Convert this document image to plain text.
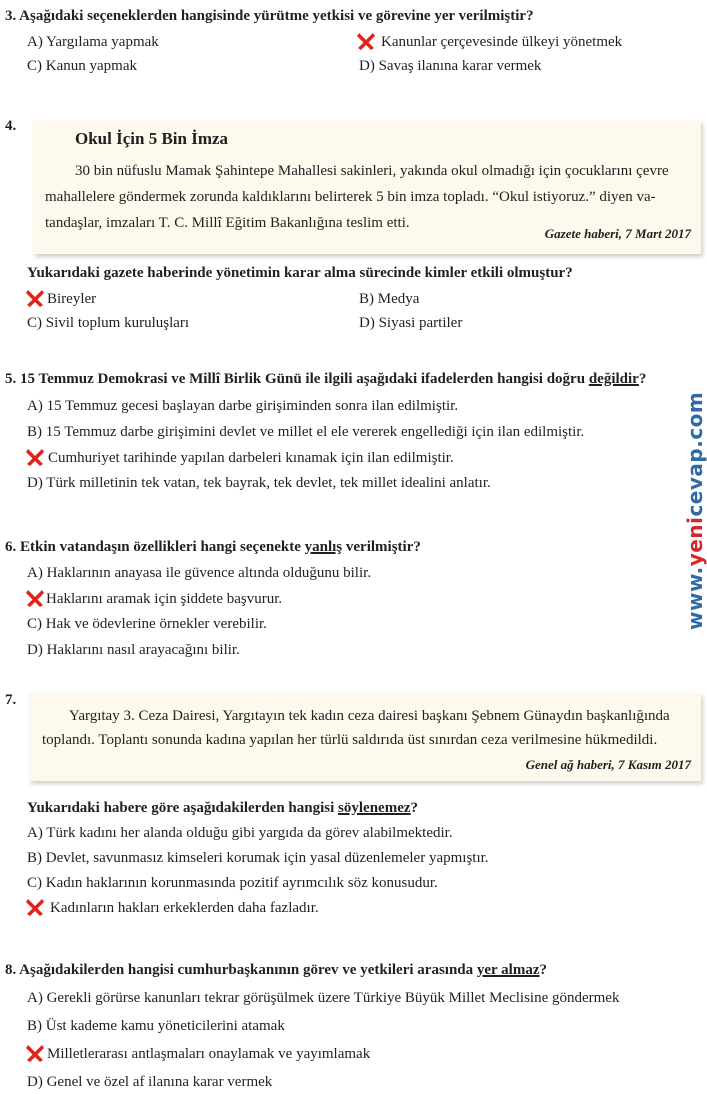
3. Aşağıdaki seçeneklerden hangisinde yürütme yetkisi ve görevine yer verilmiştir?
A) Yargılama yapmak	Kanunlar çerçevesinde ülkeyi yönetmek
C) Kanun yapmak	D) Savaş ilanına karar vermek
4.
Okul İçin 5 Bin İmza
30 bin nüfuslu Mamak Şahintepe Mahallesi sakinleri, yakında okul olmadığı için çocuklarını çevre
mahallelere göndermek zorunda kaldıklarını belirterek 5 bin imza topladı. “Okul istiyoruz.” diyen va-
tandaşlar, imzaları T. C. Millî Eğitim Bakanlığına teslim etti.
Gazete haberi, 7 Mart 2017
Yukarıdaki gazete haberinde yönetimin karar alma sürecinde kimler etkili olmuştur?
Bireyler	B) Medya
C) Sivil toplum kuruluşları	D) Siyasi partiler
5. 15 Temmuz Demokrasi ve Millî Birlik Günü ile ilgili aşağıdaki ifadelerden hangisi doğru değildir?
A) 15 Temmuz gecesi başlayan darbe girişiminden sonra ilan edilmiştir.
B) 15 Temmuz darbe girişimini devlet ve millet el ele vererek engellediği için ilan edilmiştir.
Cumhuriyet tarihinde yapılan darbeleri kınamak için ilan edilmiştir.
D) Türk milletinin tek vatan, tek bayrak, tek devlet, tek millet idealini anlatır.
6. Etkin vatandaşın özellikleri hangi seçenekte yanlış verilmiştir?
A) Haklarının anayasa ile güvence altında olduğunu bilir.
Haklarını aramak için şiddete başvurur.
C) Hak ve ödevlerine örnekler verebilir.
D) Haklarını nasıl arayacağını bilir.
www.yenicevap.com
7.
Yargıtay 3. Ceza Dairesi, Yargıtayın tek kadın ceza dairesi başkanı Şebnem Günaydın başkanlığında
toplandı. Toplantı sonunda kadına yapılan her türlü saldırıda üst sınırdan ceza verilmesine hükmedildi.
Genel ağ haberi, 7 Kasım 2017
Yukarıdaki habere göre aşağıdakilerden hangisi söylenemez?
A) Türk kadını her alanda olduğu gibi yargıda da görev alabilmektedir.
B) Devlet, savunmasız kimseleri korumak için yasal düzenlemeler yapmıştır.
C) Kadın haklarının korunmasında pozitif ayrımcılık söz konusudur.
Kadınların hakları erkeklerden daha fazladır.
8. Aşağıdakilerden hangisi cumhurbaşkanının görev ve yetkileri arasında yer almaz?
A) Gerekli görürse kanunları tekrar görüşülmek üzere Türkiye Büyük Millet Meclisine göndermek
B) Üst kademe kamu yöneticilerini atamak
Milletlerarası antlaşmaları onaylamak ve yayımlamak
D) Genel ve özel af ilanına karar vermek
